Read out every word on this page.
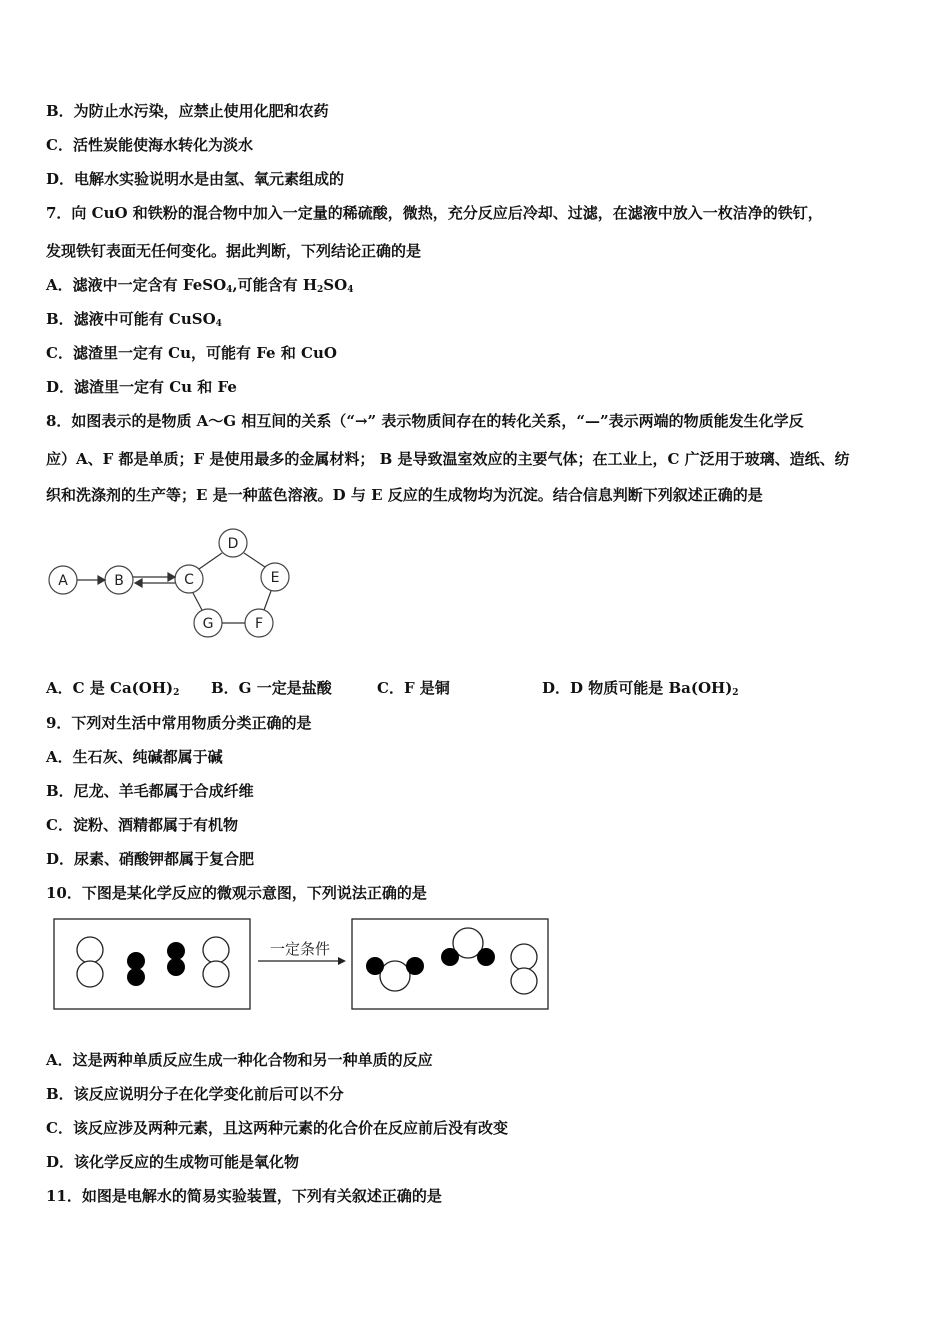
B．为防止水污染，应禁止使用化肥和农药
C．活性炭能使海水转化为淡水
D．电解水实验说明水是由氢、氧元素组成的
7．向 CuO 和铁粉的混合物中加入一定量的稀硫酸，微热，充分反应后冷却、过滤，在滤液中放入一枚洁净的铁钉，
发现铁钉表面无任何变化。据此判断，下列结论正确的是
A．滤液中一定含有 FeSO$_4$,可能含有 $H_2SO_4$
B．滤液中可能有 CuSO$_4$
C．滤渣里一定有 Cu，可能有 Fe 和 CuO
D．滤渣里一定有 Cu 和 Fe
8．如图表示的是物质 A～G 相互间的关系（“→” 表示物质间存在的转化关系，“—”表示两端的物质能发生化学反
应）A、F 都是单质；F 是使用最多的金属材料； B 是导致温室效应的主要气体；在工业上，C 广泛用于玻璃、造纸、纺
织和洗涤剂的生产等；E 是一种蓝色溶液。D 与 E 反应的生成物均为沉淀。结合信息判断下列叙述正确的是
A	B	C
D
E
F
G
A．C 是 $Ca(OH)_2$ B．G 一定是盐酸	C．F 是铜	D．D 物质可能是 $Ba(OH)_2$
9．下列对生活中常用物质分类正确的是
A．生石灰、纯碱都属于碱
B．尼龙、羊毛都属于合成纤维
C．淀粉、酒精都属于有机物
D．尿素、硝酸钾都属于复合肥
10．下图是某化学反应的微观示意图，下列说法正确的是
一定条件
A．这是两种单质反应生成一种化合物和另一种单质的反应
B．该反应说明分子在化学变化前后可以不分
C．该反应涉及两种元素，且这两种元素的化合价在反应前后没有改变
D．该化学反应的生成物可能是氧化物
11．如图是电解水的简易实验装置，下列有关叙述正确的是
